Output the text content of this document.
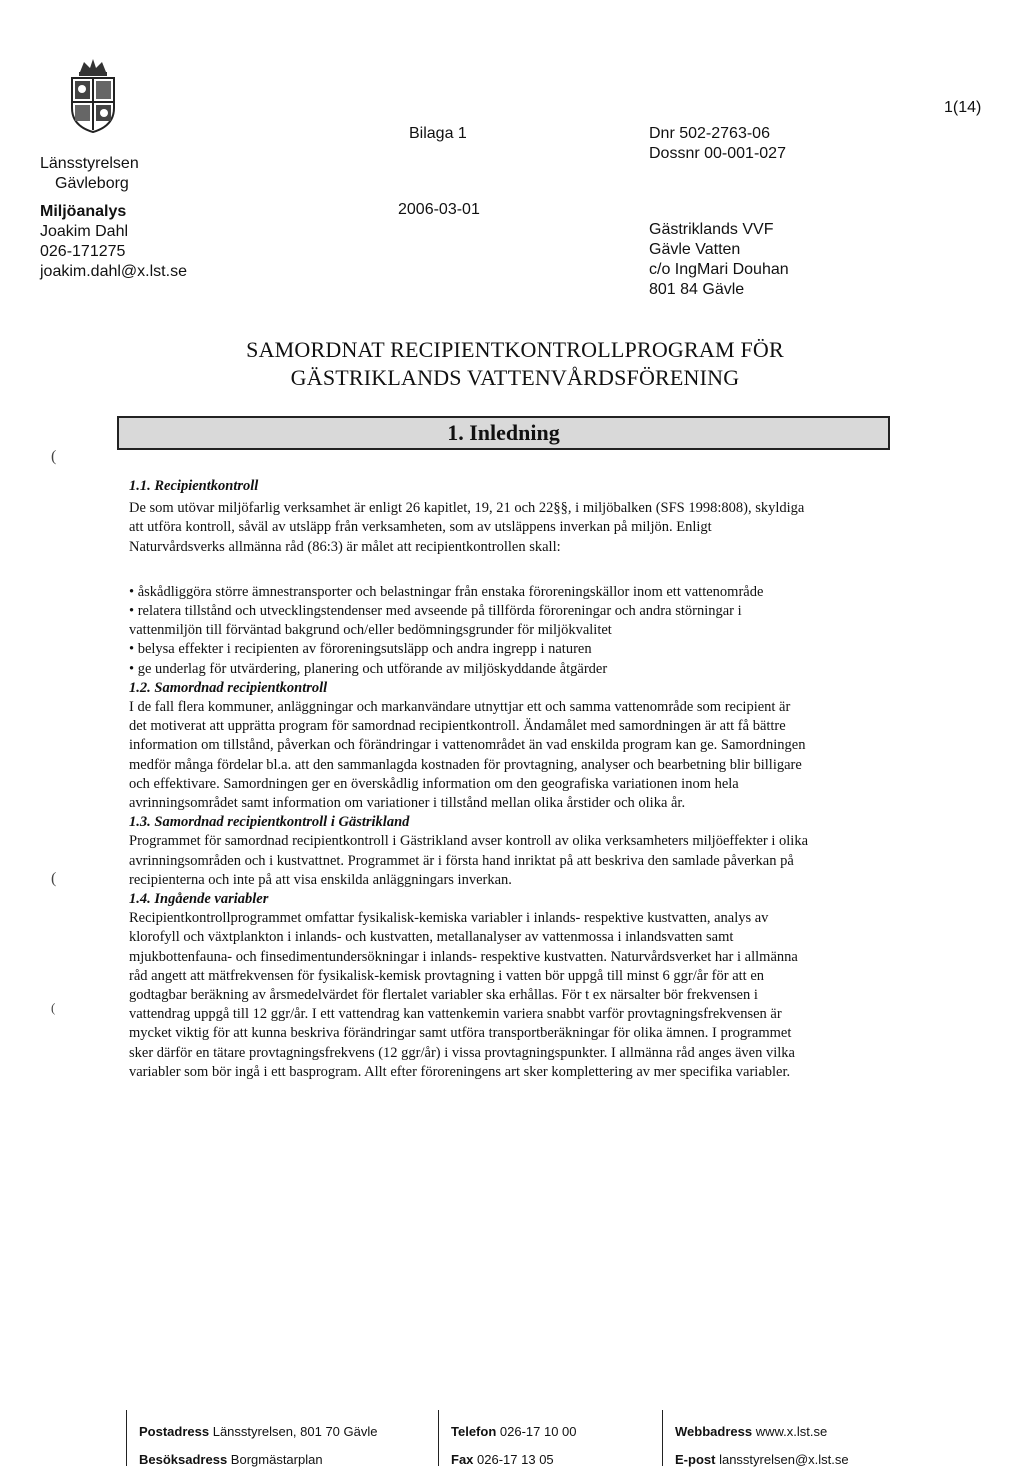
Länsstyrelsen
Gävleborg
Miljöanalys
Joakim Dahl
026-171275
joakim.dahl@x.lst.se
Bilaga 1
2006-03-01
Dnr 502-2763-06
Dossnr 00-001-027
1(14)
Gästriklands VVF
Gävle Vatten
c/o IngMari Douhan
801 84 Gävle
SAMORDNAT RECIPIENTKONTROLLPROGRAM FÖR
GÄSTRIKLANDS VATTENVÅRDSFÖRENING
1. Inledning
(
(
(
1.1. Recipientkontroll

De som utövar miljöfarlig verksamhet är enligt 26 kapitlet, 19, 21 och 22§§, i miljöbalken (SFS 1998:808), skyldiga att utföra kontroll, såväl av utsläpp från verksamheten, som av utsläppens inverkan på miljön. Enligt Naturvårdsverks allmänna råd (86:3) är målet att recipientkontrollen skall:

• åskådliggöra större ämnestransporter och belastningar från enstaka föroreningskällor inom ett vattenområde
• relatera tillstånd och utvecklingstendenser med avseende på tillförda föroreningar och andra störningar i vattenmiljön till förväntad bakgrund och/eller bedömningsgrunder för miljökvalitet
• belysa effekter i recipienten av föroreningsutsläpp och andra ingrepp i naturen
• ge underlag för utvärdering, planering och utförande av miljöskyddande åtgärder
1.2. Samordnad recipientkontroll

I de fall flera kommuner, anläggningar och markanvändare utnyttjar ett och samma vattenområde som recipient är det motiverat att upprätta program för samordnad recipientkontroll. Ändamålet med samordningen är att få bättre information om tillstånd, påverkan och förändringar i vattenområdet än vad enskilda program kan ge. Samordningen medför många fördelar bl.a. att den sammanlagda kostnaden för provtagning, analyser och bearbetning blir billigare och effektivare. Samordningen ger en överskådlig information om den geografiska variationen inom hela avrinningsområdet samt information om variationer i tillstånd mellan olika årstider och olika år.

1.3. Samordnad recipientkontroll i Gästrikland

Programmet för samordnad recipientkontroll i Gästrikland avser kontroll av olika verksamheters miljöeffekter i olika avrinningsområden och i kustvattnet. Programmet är i första hand inriktat på att beskriva den samlade påverkan på recipienterna och inte på att visa enskilda anläggningars inverkan.

1.4. Ingående variabler

Recipientkontrollprogrammet omfattar fysikalisk-kemiska variabler i inlands- respektive kustvatten, analys av klorofyll och växtplankton i inlands- och kustvatten, metallanalyser av vattenmossa i inlandsvatten samt mjukbottenfauna- och finsedimentundersökningar i inlands- respektive kustvatten. Naturvårdsverket har i allmänna råd angett att mätfrekvensen för fysikalisk-kemisk provtagning i vatten bör uppgå till minst 6 ggr/år för att en godtagbar beräkning av årsmedelvärdet för flertalet variabler ska erhållas. För t ex närsalter bör frekvensen i vattendrag uppgå till 12 ggr/år. I ett vattendrag kan vattenkemin variera snabbt varför provtagningsfrekvensen är mycket viktig för att kunna beskriva förändringar samt utföra transportberäkningar för olika ämnen. I programmet sker därför en tätare provtagningsfrekvens (12 ggr/år) i vissa provtagningspunkter. I allmänna råd anges även vilka variabler som bör ingå i ett basprogram. Allt efter föroreningens art sker komplettering av mer specifika variabler.

Postadress Länsstyrelsen, 801 70 Gävle
Besöksadress Borgmästarplan
Telefon 026-17 10 00
Fax 026-17 13 05
Webbadress www.x.lst.se
E-post lansstyrelsen@x.lst.se
